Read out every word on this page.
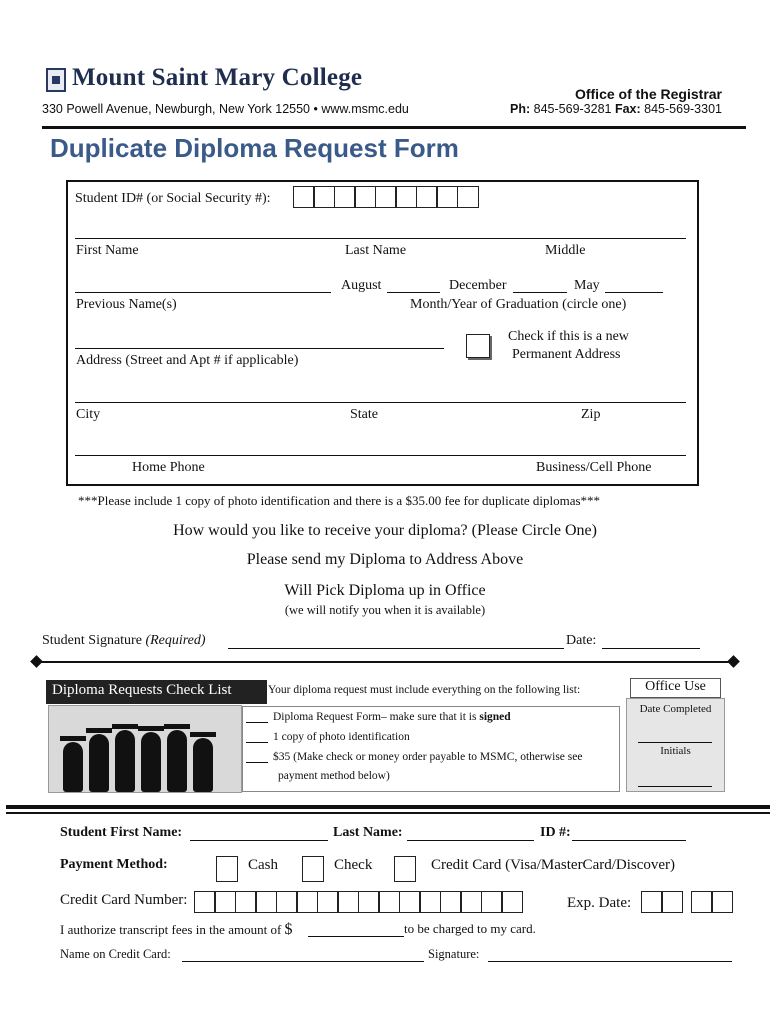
Mount Saint Mary College
330 Powell Avenue, Newburgh, New York 12550 • www.msmc.edu
Office of the Registrar
Ph: 845-569-3281 Fax: 845-569-3301
Duplicate Diploma Request Form
Student ID# (or Social Security #):
First Name	Last Name	Middle
August	December	May
Previous Name(s)	Month/Year of Graduation (circle one)
Check if this is a new
Permanent Address
Address (Street and Apt # if applicable)
City	State	Zip
Home Phone	Business/Cell Phone
***Please include 1 copy of photo identification and there is a $35.00 fee for duplicate diplomas***
How would you like to receive your diploma? (Please Circle One)
Please send my Diploma to Address Above
Will Pick Diploma up in Office
(we will notify you when it is available)
Student Signature (Required)	Date:
Diploma Requests Check List	Your diploma request must include everything on the following list:
Diploma Request Form– make sure that it is signed
1 copy of photo identification
$35 (Make check or money order payable to MSMC, otherwise see
payment method below)
Office Use
Date Completed
Initials
Student First Name:	Last Name:	ID #:
Payment Method:	Cash	Check	Credit Card (Visa/MasterCard/Discover)
Credit Card Number:	Exp. Date:
I authorize transcript fees in the amount of $	to be charged to my card.
Name on Credit Card:	Signature:
